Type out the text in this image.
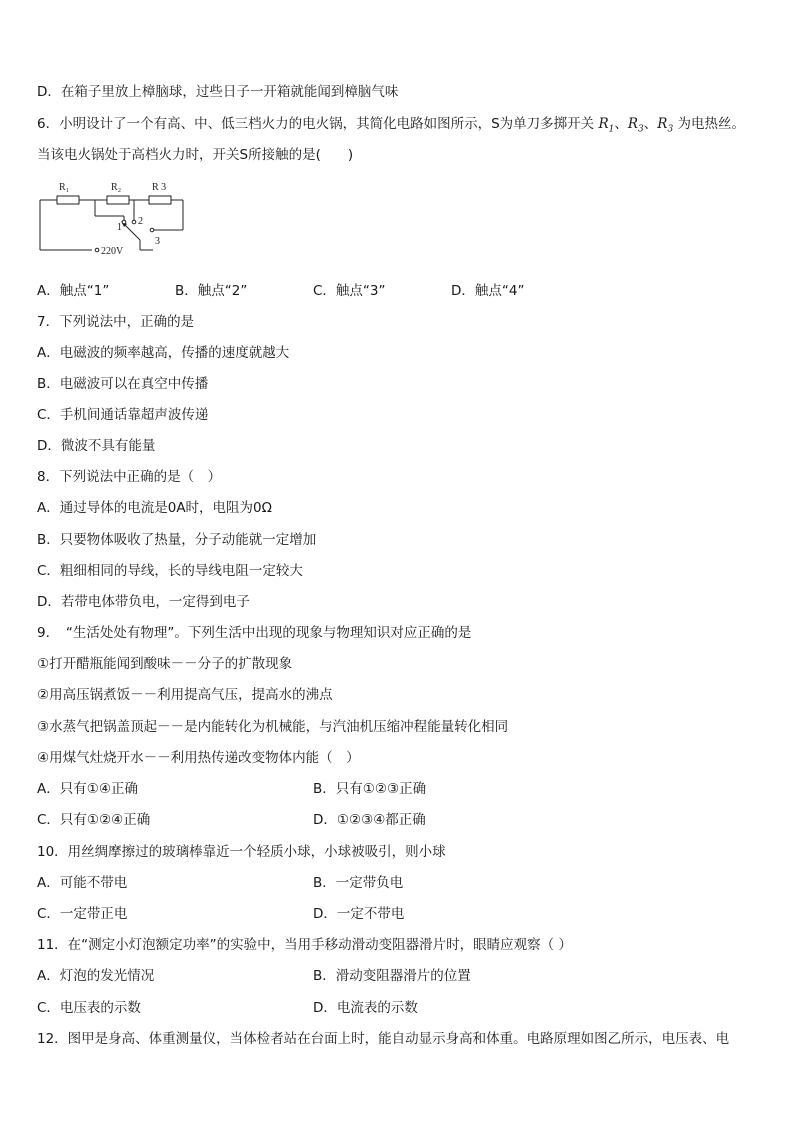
D．在箱子里放上樟脑球，过些日子一开箱就能闻到樟脑气味
6．小明设计了一个有高、中、低三档火力的电火锅，其简化电路如图所示，S为单刀多掷开关 $R_1$、$R_3$、$R_3$ 为电热丝。
当该电火锅处于高档火力时，开关S所接触的是(　　)
R₁	R₂	R 3
1
2
3
220V
A．触点“1”	B．触点“2”	C．触点“3”	D．触点“4”
7．下列说法中，正确的是
A．电磁波的频率越高，传播的速度就越大
B．电磁波可以在真空中传播
C．手机间通话靠超声波传递
D．微波不具有能量
8．下列说法中正确的是（　）
A．通过导体的电流是0A时，电阻为0Ω
B．只要物体吸收了热量，分子动能就一定增加
C．粗细相同的导线，长的导线电阻一定较大
D．若带电体带负电，一定得到电子
9．　“生活处处有物理”。下列生活中出现的现象与物理知识对应正确的是
①打开醋瓶能闻到酸味－－分子的扩散现象
②用高压锅煮饭－－利用提高气压，提高水的沸点
③水蒸气把锅盖顶起－－是内能转化为机械能，与汽油机压缩冲程能量转化相同
④用煤气灶烧开水－－利用热传递改变物体内能（　）
A．只有①④正确	B．只有①②③正确
C．只有①②④正确	D．①②③④都正确
10．用丝绸摩擦过的玻璃棒靠近一个轻质小球，小球被吸引，则小球
A．可能不带电	B．一定带负电
C．一定带正电	D．一定不带电
11．在“测定小灯泡额定功率”的实验中，当用手移动滑动变阻器滑片时，眼睛应观察（ ）
A．灯泡的发光情况	B．滑动变阻器滑片的位置
C．电压表的示数	D．电流表的示数
12．图甲是身高、体重测量仪，当体检者站在台面上时，能自动显示身高和体重。电路原理如图乙所示，电压表、电
